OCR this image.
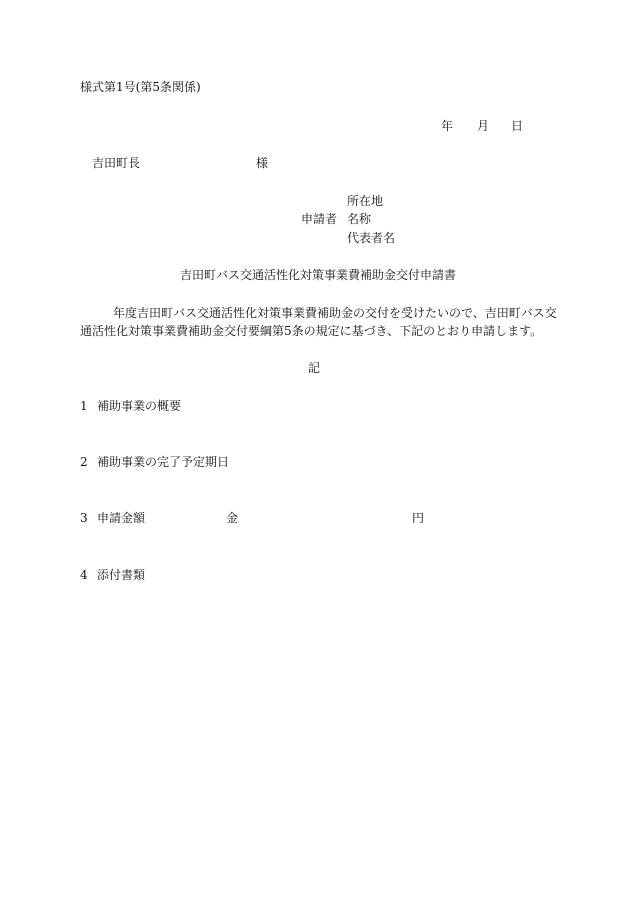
様式第1号(第5条関係)
年 月 日
吉田町長	様
所在地
申請者 名称
代表者名
吉田町バス交通活性化対策事業費補助金交付申請書
年度吉田町バス交通活性化対策事業費補助金の交付を受けたいので、吉田町バス交
通活性化対策事業費補助金交付要綱第5条の規定に基づき、下記のとおり申請します。
記
1 補助事業の概要
2 補助事業の完了予定期日
3 申請金額	金	円
4 添付書類
